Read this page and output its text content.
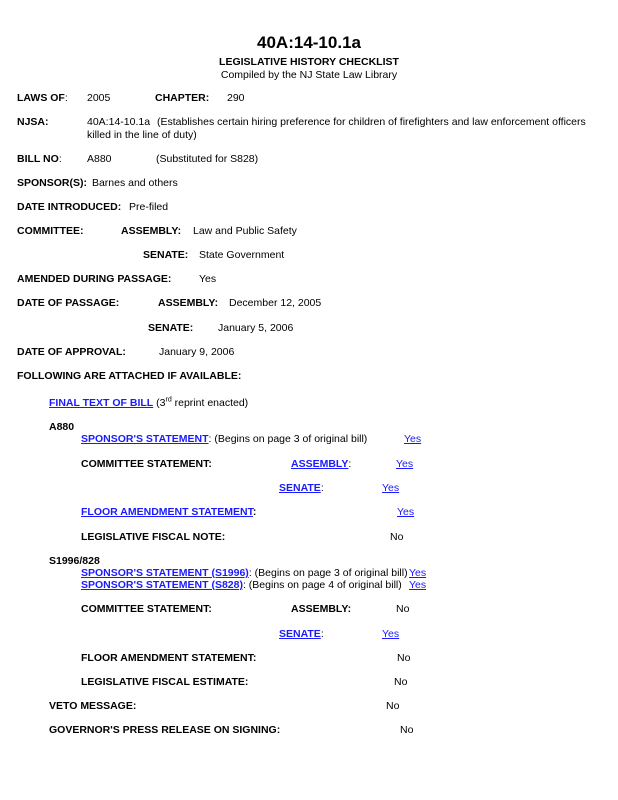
40A:14-10.1a
LEGISLATIVE HISTORY CHECKLIST
Compiled by the NJ State Law Library
LAWS OF: 2005	CHAPTER: 290
NJSA:	40A:14-10.1a (Establishes certain hiring preference for children of firefighters and law enforcement officers killed in the line of duty)
BILL NO: A880	(Substituted for S828)
SPONSOR(S): Barnes and others
DATE INTRODUCED: Pre-filed
COMMITTEE:	ASSEMBLY: Law and Public Safety
SENATE: State Government
AMENDED DURING PASSAGE:	Yes
DATE OF PASSAGE:	ASSEMBLY: December 12, 2005
SENATE: January 5, 2006
DATE OF APPROVAL:	January 9, 2006
FOLLOWING ARE ATTACHED IF AVAILABLE:
FINAL TEXT OF BILL (3rd reprint enacted)
A880
SPONSOR'S STATEMENT: (Begins on page 3 of original bill)	Yes
COMMITTEE STATEMENT:	ASSEMBLY:	Yes
SENATE:	Yes
FLOOR AMENDMENT STATEMENT:	Yes
LEGISLATIVE FISCAL NOTE:	No
S1996/828
SPONSOR'S STATEMENT (S1996): (Begins on page 3 of original bill) Yes
SPONSOR'S STATEMENT (S828): (Begins on page 4 of original bill) Yes
COMMITTEE STATEMENT:	ASSEMBLY:	No
SENATE:	Yes
FLOOR AMENDMENT STATEMENT:	No
LEGISLATIVE FISCAL ESTIMATE:	No
VETO MESSAGE:	No
GOVERNOR'S PRESS RELEASE ON SIGNING:	No
